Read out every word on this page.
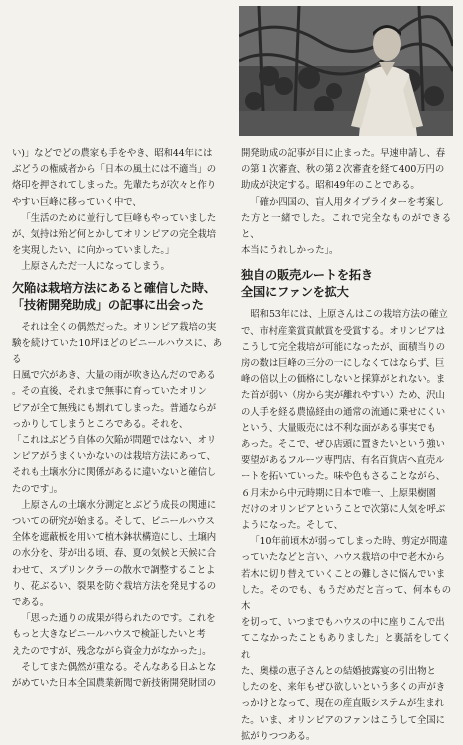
い)」などでどの農家も手をやき、昭和44年には

ぶどうの権威者から「日本の風土には不適当」の

烙印を押されてしまった。先輩たちが次々と作り

やすい巨峰に移っていく中で、

「生活のために並行して巨峰もやっていました

が、気持は殆ど何とかしてオリンピアの完全栽培

を実現したい、に向かっていました。」

上原さんただ一人になってしまう。

欠陥は栽培方法にあると確信した時、
「技術開発助成」の記事に出会った

それは全くの偶然だった。オリンピア栽培の実

験を続けていた10坪ほどのビニールハウスに、ある

日風で穴があき、大量の雨が吹き込んだのである

。その直後、それまで無事に育っていたオリン

ピアが全て無残にも割れてしまった。普通ならが

っかりしてしまうところである。それを、

「これはぶどう自体の欠陥が問題ではない、オリ

ンピアがうまくいかないのは栽培方法にあって、

それも土壌水分に関係があるに違いないと確信し

たのです」。

上原さんの土壌水分測定とぶどう成長の関連に

ついての研究が始まる。そして、ビニールハウス

全体を遮蔽板を用いて植木鉢状構造にし、土壌内

の水分を、芽が出る頃、春、夏の気候と天候に合

わせて、スプリンクラーの散水で調整することよ

り、花ぶるい、裂果を防ぐ栽培方法を発見するの

である。

「思った通りの成果が得られたのです。これを

もっと大きなビニールハウスで検証したいと考

えたのですが、残念ながら資金力がなかった」。

そしてまた偶然が重なる。そんなある日ふとな

がめていた日本全国農業新聞で新技術開発財団の

開発助成の記事が目に止まった。早速申請し、春

の第１次審査、秋の第２次審査を経て400万円の

助成が決定する。昭和49年のことである。

「確か四国の、盲人用タイプライターを考案し

た方と一緒でした。これで完全なものができると、

本当にうれしかった」。

独自の販売ルートを拓き
全国にファンを拡大

昭和53年には、上原さんはこの栽培方法の確立

で、市村産業賞貢献賞を受賞する。オリンピアは

こうして完全栽培が可能になったが、面積当りの

房の数は巨峰の三分の一にしなくてはならず、巨

峰の倍以上の価格にしないと採算がとれない。ま

た首が弱い（房から実が離れやすい）ため、沢山

の人手を経る農協経由の通常の流通に乗せにくい

という、大量販売には不利な面がある事実でも

あった。そこで、ぜひ店頭に置きたいという強い

要望があるフルーツ専門店、有名百貨店へ直売ル

ートを拓いていった。味や色もさることながら、

６月末から中元時期に日本で唯一、上原果樹園

だけのオリンピアということで次第に人気を呼ぶ

ようになった。そして、

「10年前頃木が弱ってしまった時、剪定が間違

っていたなどと言い、ハウス栽培の中で老木から

若木に切り替えていくことの難しさに悩んでいま

した。そのでも、もうだめだと言って、何本もの木

を切って、いつまでもハウスの中に座りこんで出

てこなかったこともありました」と裏話をしてくれ

た、奥様の恵子さんとの結婚披露宴の引出物と

したのを、来年もぜひ欲しいという多くの声がき

っかけとなって、現在の産直販システムが生まれ

た。いま、オリンピアのファンはこうして全国に

拡がりつつある。
